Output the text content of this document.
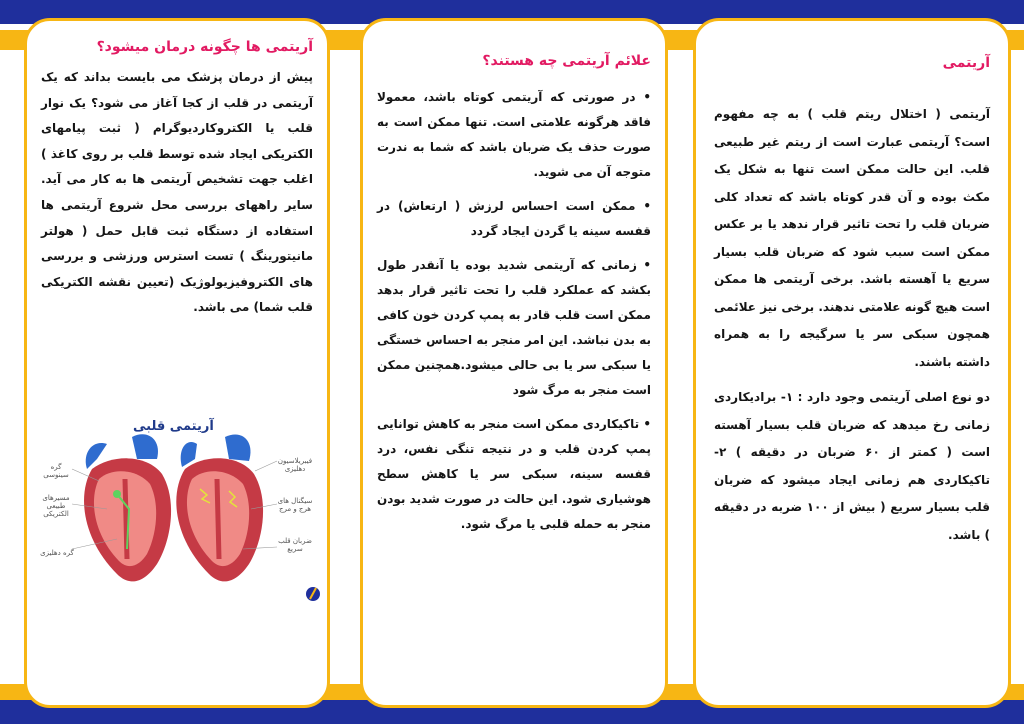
آریتمی ها چگونه درمان میشود؟
پیش از درمان پزشک می بایست بداند که یک آریتمی در قلب از کجا آغاز می شود؟ یک نوار قلب یا الکتروکاردیوگرام ( ثبت پیامهای الکتریکی ایجاد شده توسط قلب بر روی کاغذ ) اغلب جهت تشخیص آریتمی ها به کار می آید. سایر راههای بررسی محل شروع آریتمی ها استفاده از دستگاه ثبت قابل حمل ( هولتر مانیتورینگ ) تست استرس ورزشی و بررسی های الکتروفیزیولوژیک (تعیین نقشه الکتریکی قلب شما) می باشد.
آریتمی قلبی
گره سینوسی
مسیرهای طبیعی الکتریکی
گره دهلیزی
فیبریلاسیون دهلیزی
سیگنال های هرج و مرج
ضربان قلب سریع
علائم آریتمی چه هستند؟
• در صورتی که آریتمی کوتاه باشد، معمولا فاقد هرگونه علامتی است. تنها ممکن است به صورت حذف یک ضربان باشد که شما به ندرت متوجه آن می شوید.
• ممکن است احساس لرزش ( ارتعاش) در قفسه سینه یا گردن ایجاد گردد
• زمانی که آریتمی شدید بوده یا آنقدر طول بکشد که عملکرد قلب را تحت تاثیر قرار بدهد ممکن است قلب قادر به پمپ کردن خون کافی به بدن نباشد. این امر منجر به احساس خستگی یا سبکی سر یا بی حالی میشود.همچنین ممکن است منجر به مرگ شود
• تاکیکاردی ممکن است منجر به کاهش توانایی پمپ کردن قلب و در نتیجه تنگی نفس، درد قفسه سینه، سبکی سر یا کاهش سطح هوشیاری شود. این حالت در صورت شدید بودن منجر به حمله قلبی یا مرگ شود.
آریتمی
آریتمی ( اختلال ریتم قلب ) به چه مفهوم است؟ آریتمی عبارت است از ریتم غیر طبیعی قلب. این حالت ممکن است تنها به شکل یک مکث بوده و آن قدر کوتاه باشد که تعداد کلی ضربان قلب را تحت تاثیر قرار ندهد یا بر عکس ممکن است سبب شود که ضربان قلب بسیار سریع یا آهسته باشد. برخی آریتمی ها ممکن است هیچ گونه علامتی ندهند. برخی نیز علائمی همچون سبکی سر یا سرگیجه را به همراه داشته باشند.
دو نوع اصلی آریتمی وجود دارد : ۱- برادیکاردی زمانی رخ میدهد که ضربان قلب بسیار آهسته است ( کمتر از ۶۰ ضربان در دقیقه ) ۲- تاکیکاردی هم زمانی ایجاد میشود که ضربان قلب بسیار سریع ( بیش از ۱۰۰ ضربه در دقیقه ) باشد.
